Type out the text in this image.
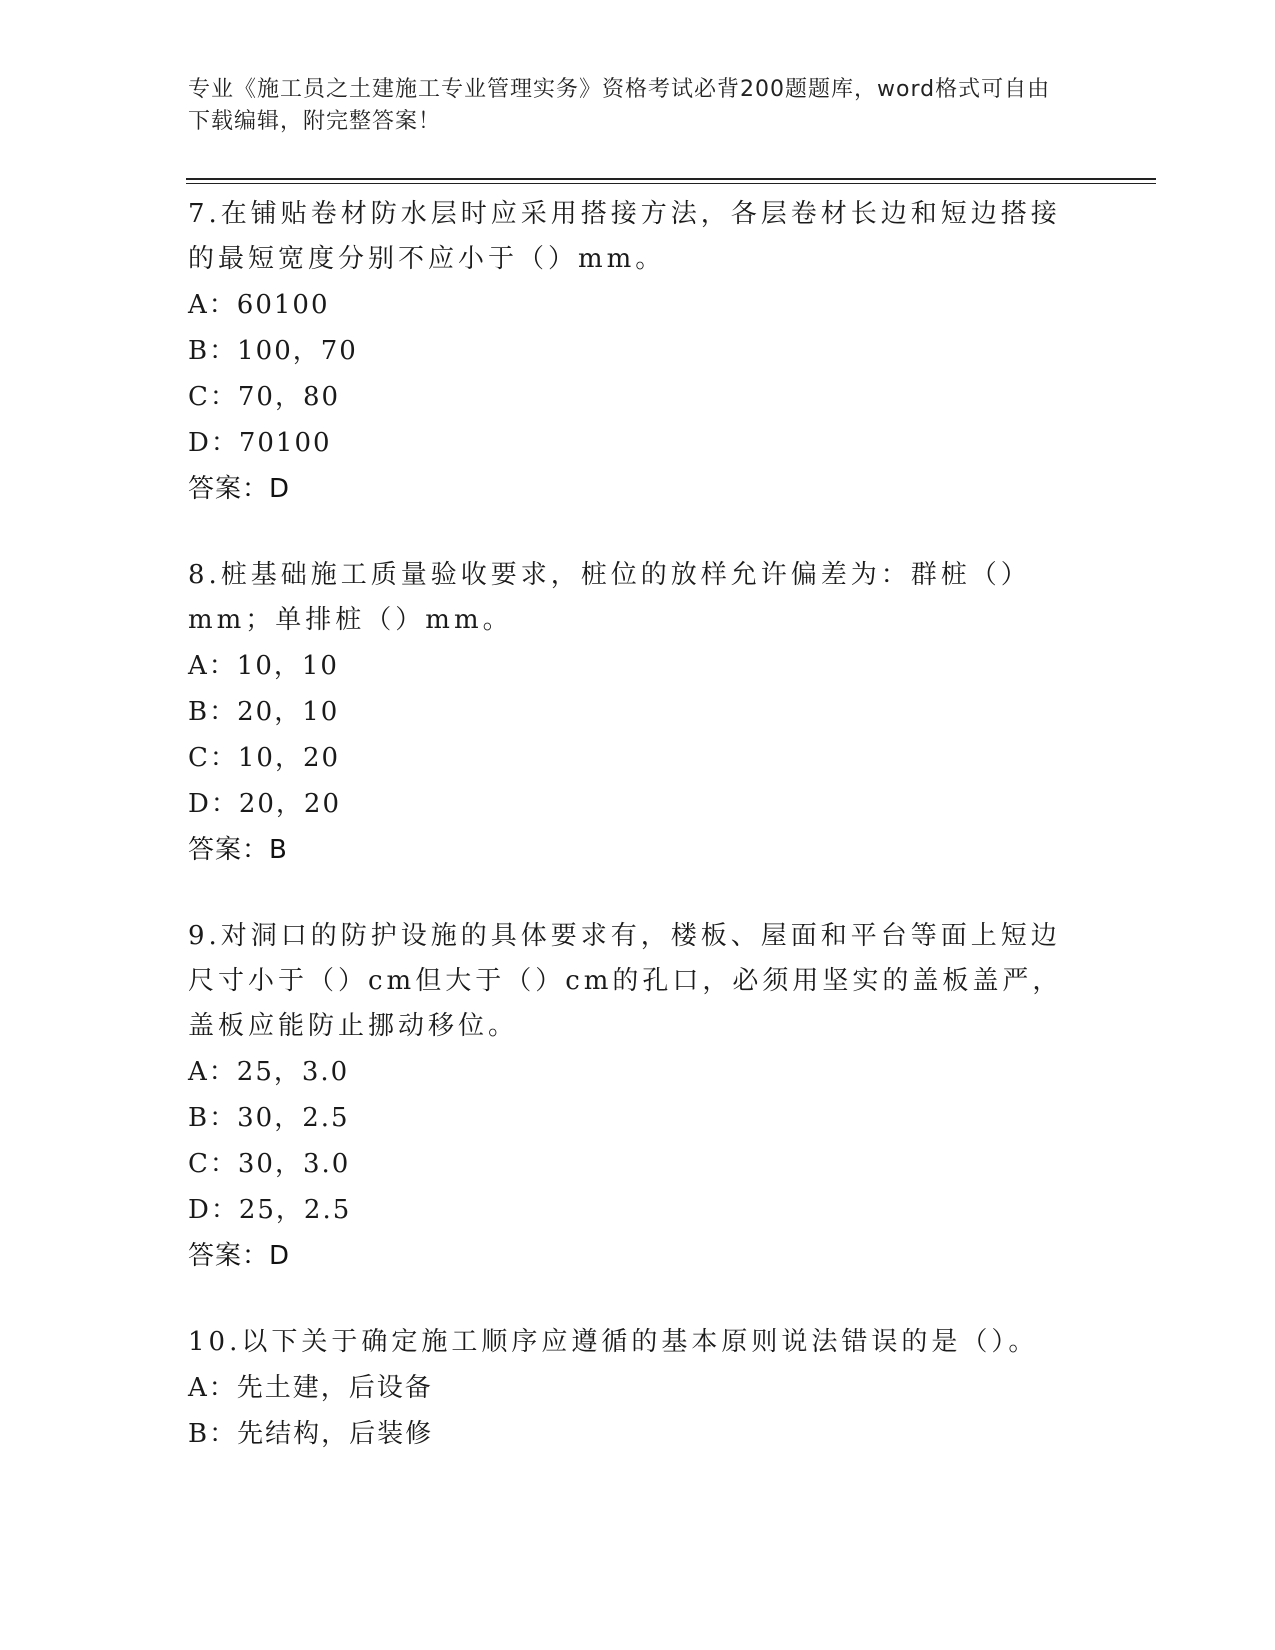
专业《施工员之土建施工专业管理实务》资格考试必背200题题库，word格式可自由下载编辑，附完整答案！
7.在铺贴卷材防水层时应采用搭接方法，各层卷材长边和短边搭接的最短宽度分别不应小于（）mm。
A：60100
B：100，70
C：70，80
D：70100
答案：D
8.桩基础施工质量验收要求，桩位的放样允许偏差为：群桩（）mm；单排桩（）mm。
A：10，10
B：20，10
C：10，20
D：20，20
答案：B
9.对洞口的防护设施的具体要求有，楼板、屋面和平台等面上短边尺寸小于（）cm但大于（）cm的孔口，必须用坚实的盖板盖严，盖板应能防止挪动移位。
A：25，3.0
B：30，2.5
C：30，3.0
D：25，2.5
答案：D
10.以下关于确定施工顺序应遵循的基本原则说法错误的是（）。
A：先土建，后设备
B：先结构，后装修
